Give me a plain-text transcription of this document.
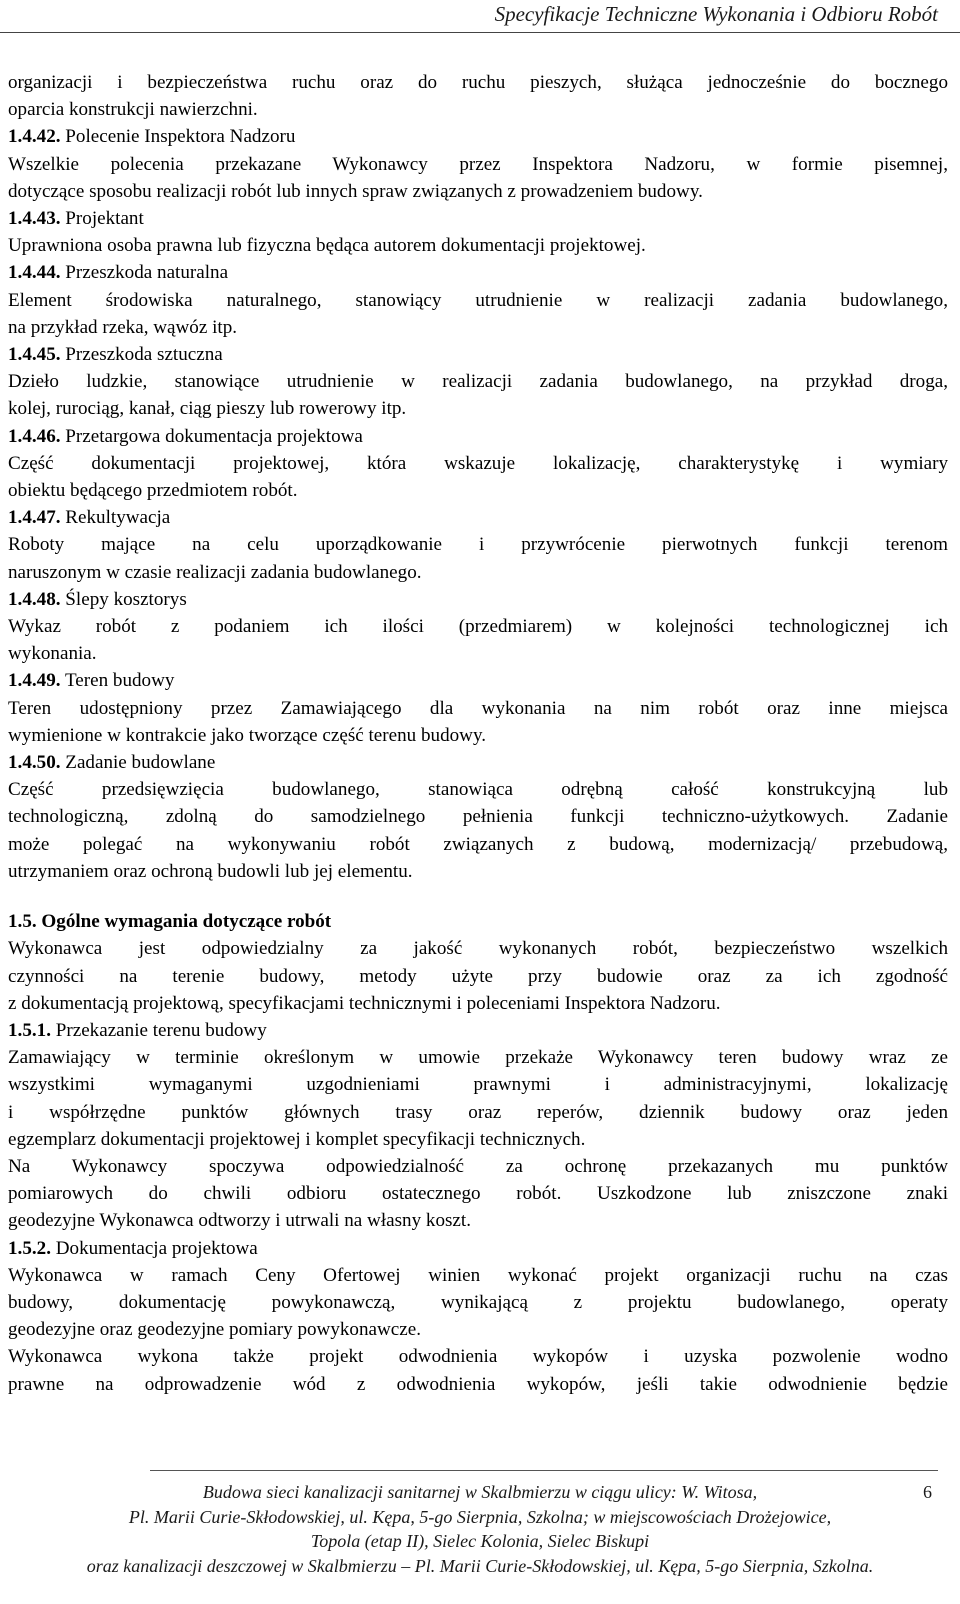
Specyfikacje Techniczne Wykonania i Odbioru Robót

organizacji i bezpieczeństwa ruchu oraz do ruchu pieszych, służąca jednocześnie do bocznego
oparcia konstrukcji nawierzchni.

1.4.42. Polecenie Inspektora Nadzoru
Wszelkie polecenia przekazane Wykonawcy przez Inspektora Nadzoru, w formie pisemnej,
dotyczące sposobu realizacji robót lub innych spraw związanych z prowadzeniem budowy.
1.4.43. Projektant
Uprawniona osoba prawna lub fizyczna będąca autorem dokumentacji projektowej.
1.4.44. Przeszkoda naturalna
Element środowiska naturalnego, stanowiący utrudnienie w realizacji zadania budowlanego,
na przykład rzeka, wąwóz itp.
1.4.45. Przeszkoda sztuczna
Dzieło ludzkie, stanowiące utrudnienie w realizacji zadania budowlanego, na przykład droga,
kolej, rurociąg, kanał, ciąg pieszy lub rowerowy itp.
1.4.46. Przetargowa dokumentacja projektowa
Część dokumentacji projektowej, która wskazuje lokalizację, charakterystykę i wymiary
obiektu będącego przedmiotem robót.
1.4.47. Rekultywacja
Roboty mające na celu uporządkowanie i przywrócenie pierwotnych funkcji terenom
naruszonym w czasie realizacji zadania budowlanego.
1.4.48. Ślepy kosztorys
Wykaz robót z podaniem ich ilości (przedmiarem) w kolejności technologicznej ich
wykonania.
1.4.49. Teren budowy
Teren udostępniony przez Zamawiającego dla wykonania na nim robót oraz inne miejsca
wymienione w kontrakcie jako tworzące część terenu budowy.
1.4.50. Zadanie budowlane
Część przedsięwzięcia budowlanego, stanowiąca odrębną całość konstrukcyjną lub
technologiczną, zdolną do samodzielnego pełnienia funkcji techniczno-użytkowych. Zadanie
może polegać na wykonywaniu robót związanych z budową, modernizacją/ przebudową,
utrzymaniem oraz ochroną budowli lub jej elementu.
1.5. Ogólne wymagania dotyczące robót
Wykonawca jest odpowiedzialny za jakość wykonanych robót, bezpieczeństwo wszelkich
czynności na terenie budowy, metody użyte przy budowie oraz za ich zgodność
z dokumentacją projektową, specyfikacjami technicznymi i poleceniami Inspektora Nadzoru.
1.5.1. Przekazanie terenu budowy
Zamawiający w terminie określonym w umowie przekaże Wykonawcy teren budowy wraz ze
wszystkimi wymaganymi uzgodnieniami prawnymi i administracyjnymi, lokalizację
i współrzędne punktów głównych trasy oraz reperów, dziennik budowy oraz jeden
egzemplarz dokumentacji projektowej i komplet specyfikacji technicznych.
Na Wykonawcy spoczywa odpowiedzialność za ochronę przekazanych mu punktów
pomiarowych do chwili odbioru ostatecznego robót. Uszkodzone lub zniszczone znaki
geodezyjne Wykonawca odtworzy i utrwali na własny koszt.
1.5.2. Dokumentacja projektowa
Wykonawca w ramach Ceny Ofertowej winien wykonać projekt organizacji ruchu na czas
budowy, dokumentację powykonawczą, wynikającą z projektu budowlanego, operaty
geodezyjne oraz geodezyjne pomiary powykonawcze.
Wykonawca wykona także projekt odwodnienia wykopów i uzyska pozwolenie wodno
prawne na odprowadzenie wód z odwodnienia wykopów, jeśli takie odwodnienie będzie
Budowa sieci kanalizacji sanitarnej w Skalbmierzu w ciągu ulicy: W. Witosa,
Pl. Marii Curie-Skłodowskiej, ul. Kępa, 5-go Sierpnia, Szkolna; w miejscowościach Drożejowice,
Topola (etap II), Sielec Kolonia, Sielec Biskupi
oraz kanalizacji deszczowej w Skalbmierzu – Pl. Marii Curie-Skłodowskiej, ul. Kępa, 5-go Sierpnia, Szkolna.
6
